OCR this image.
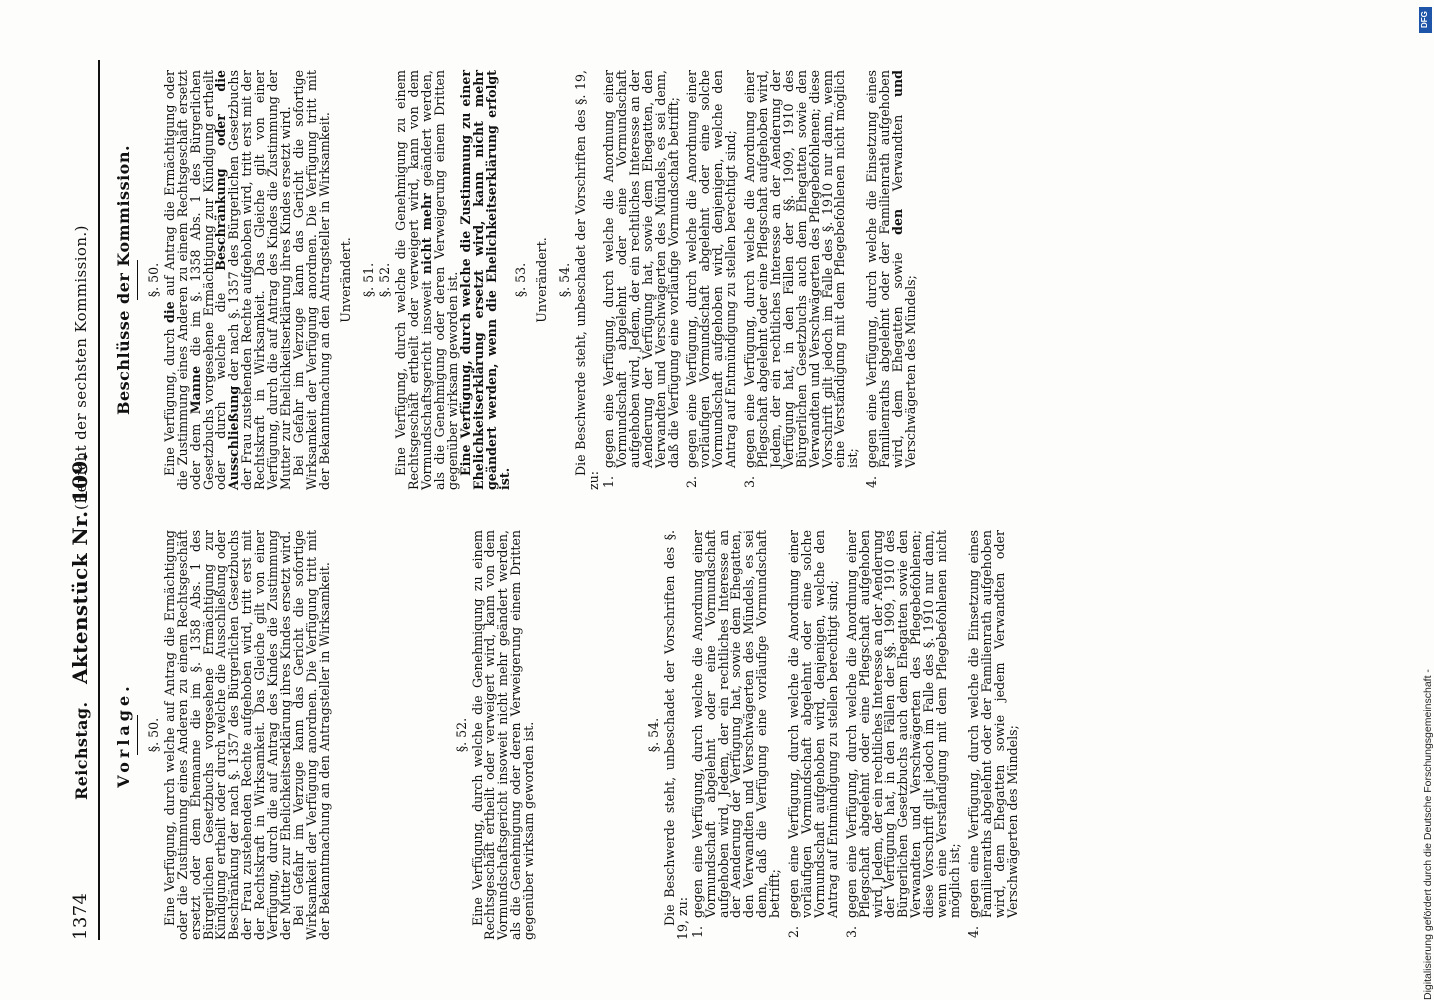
1374
Reichstag.
Aktenstück Nr. 109.
(Bericht der sechsten Kommission.)
Vorlage. §. 50. Eine Verfügung, durch welche auf Antrag die Ermächtigung oder die Zustimmung eines Anderen zu einem Rechtsgeschäft ersetzt oder dem Ehemanne die im §. 1358 Abs. 1 des Bürgerlichen Gesetzbuchs vorgesehene Ermächtigung zur Kündigung ertheilt oder durch welche die Ausschließung oder Beschränkung der nach §. 1357 des Bürgerlichen Gesetzbuchs der Frau zustehenden Rechte aufgehoben wird, tritt erst mit der Rechtskraft in Wirksamkeit. Das Gleiche gilt von einer Verfügung, durch die auf Antrag des Kindes die Zustimmung der Mutter zur Ehelichkeitserklärung ihres Kindes ersetzt wird.

Bei Gefahr im Verzuge kann das Gericht die sofortige Wirksamkeit der Verfügung anordnen. Die Verfügung tritt mit der Bekanntmachung an den Antragsteller in Wirksamkeit.	§. 52. Eine Verfügung, durch welche die Genehmigung zu einem Rechtsgeschäft ertheilt oder verweigert wird, kann von dem Vormundschaftsgericht insoweit nicht mehr geändert werden, als die Genehmigung oder deren Verweigerung einem Dritten gegenüber wirksam geworden ist.	§. 54. Die Beschwerde steht, unbeschadet der Vorschriften des §. 19, zu: 1.
gegen eine Verfügung, durch welche die Anordnung einer Vormundschaft abgelehnt oder eine Vormundschaft aufgehoben wird, Jedem, der ein rechtliches Interesse an der Aenderung der Verfügung hat, sowie dem Ehegatten, den Verwandten und Verschwägerten des Mündels, es sei denn, daß die Verfügung eine vorläufige Vormundschaft betrifft;
2.
gegen eine Verfügung, durch welche die Anordnung einer vorläufigen Vormundschaft abgelehnt oder eine solche Vormundschaft aufgehoben wird, denjenigen, welche den Antrag auf Entmündigung zu stellen berechtigt sind;
3.
gegen eine Verfügung, durch welche die Anordnung einer Pflegschaft abgelehnt oder eine Pflegschaft aufgehoben wird, Jedem, der ein rechtliches Interesse an der Aenderung der Verfügung hat, in den Fällen der §§. 1909, 1910 des Bürgerlichen Gesetzbuchs auch dem Ehegatten sowie den Verwandten und Verschwägerten des Pflegebefohlenen; diese Vorschrift gilt jedoch im Falle des §. 1910 nur dann, wenn eine Verständigung mit dem Pflegebefohlenen nicht möglich ist;
4.
gegen eine Verfügung, durch welche die Einsetzung eines Familienraths abgelehnt oder der Familienrath aufgehoben wird, dem Ehegatten sowie jedem Verwandten oder Verschwägerten des Mündels;
Beschlüsse der Kommission. §. 50.

Eine Verfügung, durch die auf Antrag die Ermächtigung oder die Zustimmung eines Anderen zu einem Rechtsgeschäft ersetzt oder dem Manne die im §. 1358 Abs. 1 des Bürgerlichen Gesetzbuchs vorgesehene Ermächtigung zur Kündigung ertheilt oder durch welche die Beschränkung oder die Ausschließung der nach §. 1357 des Bürgerlichen Gesetzbuchs der Frau zustehenden Rechte aufgehoben wird, tritt erst mit der Rechtskraft in Wirksamkeit. Das Gleiche gilt von einer Verfügung, durch die auf Antrag des Kindes die Zustimmung der Mutter zur Ehelichkeitserklärung ihres Kindes ersetzt wird.

Bei Gefahr im Verzuge kann das Gericht die sofortige Wirksamkeit der Verfügung anordnen. Die Verfügung tritt mit der Bekanntmachung an den Antragsteller in Wirksamkeit. Unverändert. §. 51. §. 52. Eine Verfügung, durch welche die Genehmigung zu einem Rechtsgeschäft ertheilt oder verweigert wird, kann von dem Vormundschaftsgericht insoweit nicht mehr geändert werden, als die Genehmigung oder deren Verweigerung einem Dritten gegenüber wirksam geworden ist.

Eine Verfügung, durch welche die Zustimmung zu einer Ehelichkeitserklärung ersetzt wird, kann nicht mehr geändert werden, wenn die Ehelichkeitserklärung erfolgt ist.

§. 53. Unverändert. §. 54. Die Beschwerde steht, unbeschadet der Vorschriften des §. 19, zu: 1.
gegen eine Verfügung, durch welche die Anordnung einer Vormundschaft abgelehnt oder eine Vormundschaft aufgehoben wird, Jedem, der ein rechtliches Interesse an der Aenderung der Verfügung hat, sowie dem Ehegatten, den Verwandten und Verschwägerten des Mündels, es sei denn, daß die Verfügung eine vorläufige Vormundschaft betrifft;
2.
gegen eine Verfügung, durch welche die Anordnung einer vorläufigen Vormundschaft abgelehnt oder eine solche Vormundschaft aufgehoben wird, denjenigen, welche den Antrag auf Entmündigung zu stellen berechtigt sind;
3.
gegen eine Verfügung, durch welche die Anordnung einer Pflegschaft abgelehnt oder eine Pflegschaft aufgehoben wird, Jedem, der ein rechtliches Interesse an der Aenderung der Verfügung hat, in den Fällen der §§. 1909, 1910 des Bürgerlichen Gesetzbuchs auch dem Ehegatten sowie den Verwandten und Verschwägerten des Pflegebefohlenen; diese Vorschrift gilt jedoch im Falle des §. 1910 nur dann, wenn eine Verständigung mit dem Pflegebefohlenen nicht möglich ist;
4.
gegen eine Verfügung, durch welche die Einsetzung eines Familienraths abgelehnt oder der Familienrath aufgehoben wird, dem Ehegatten sowie den Verwandten und Verschwägerten des Mündels;
Digitalisierung gefördert durch die Deutsche Forschungsgemeinschaft -
DFG
